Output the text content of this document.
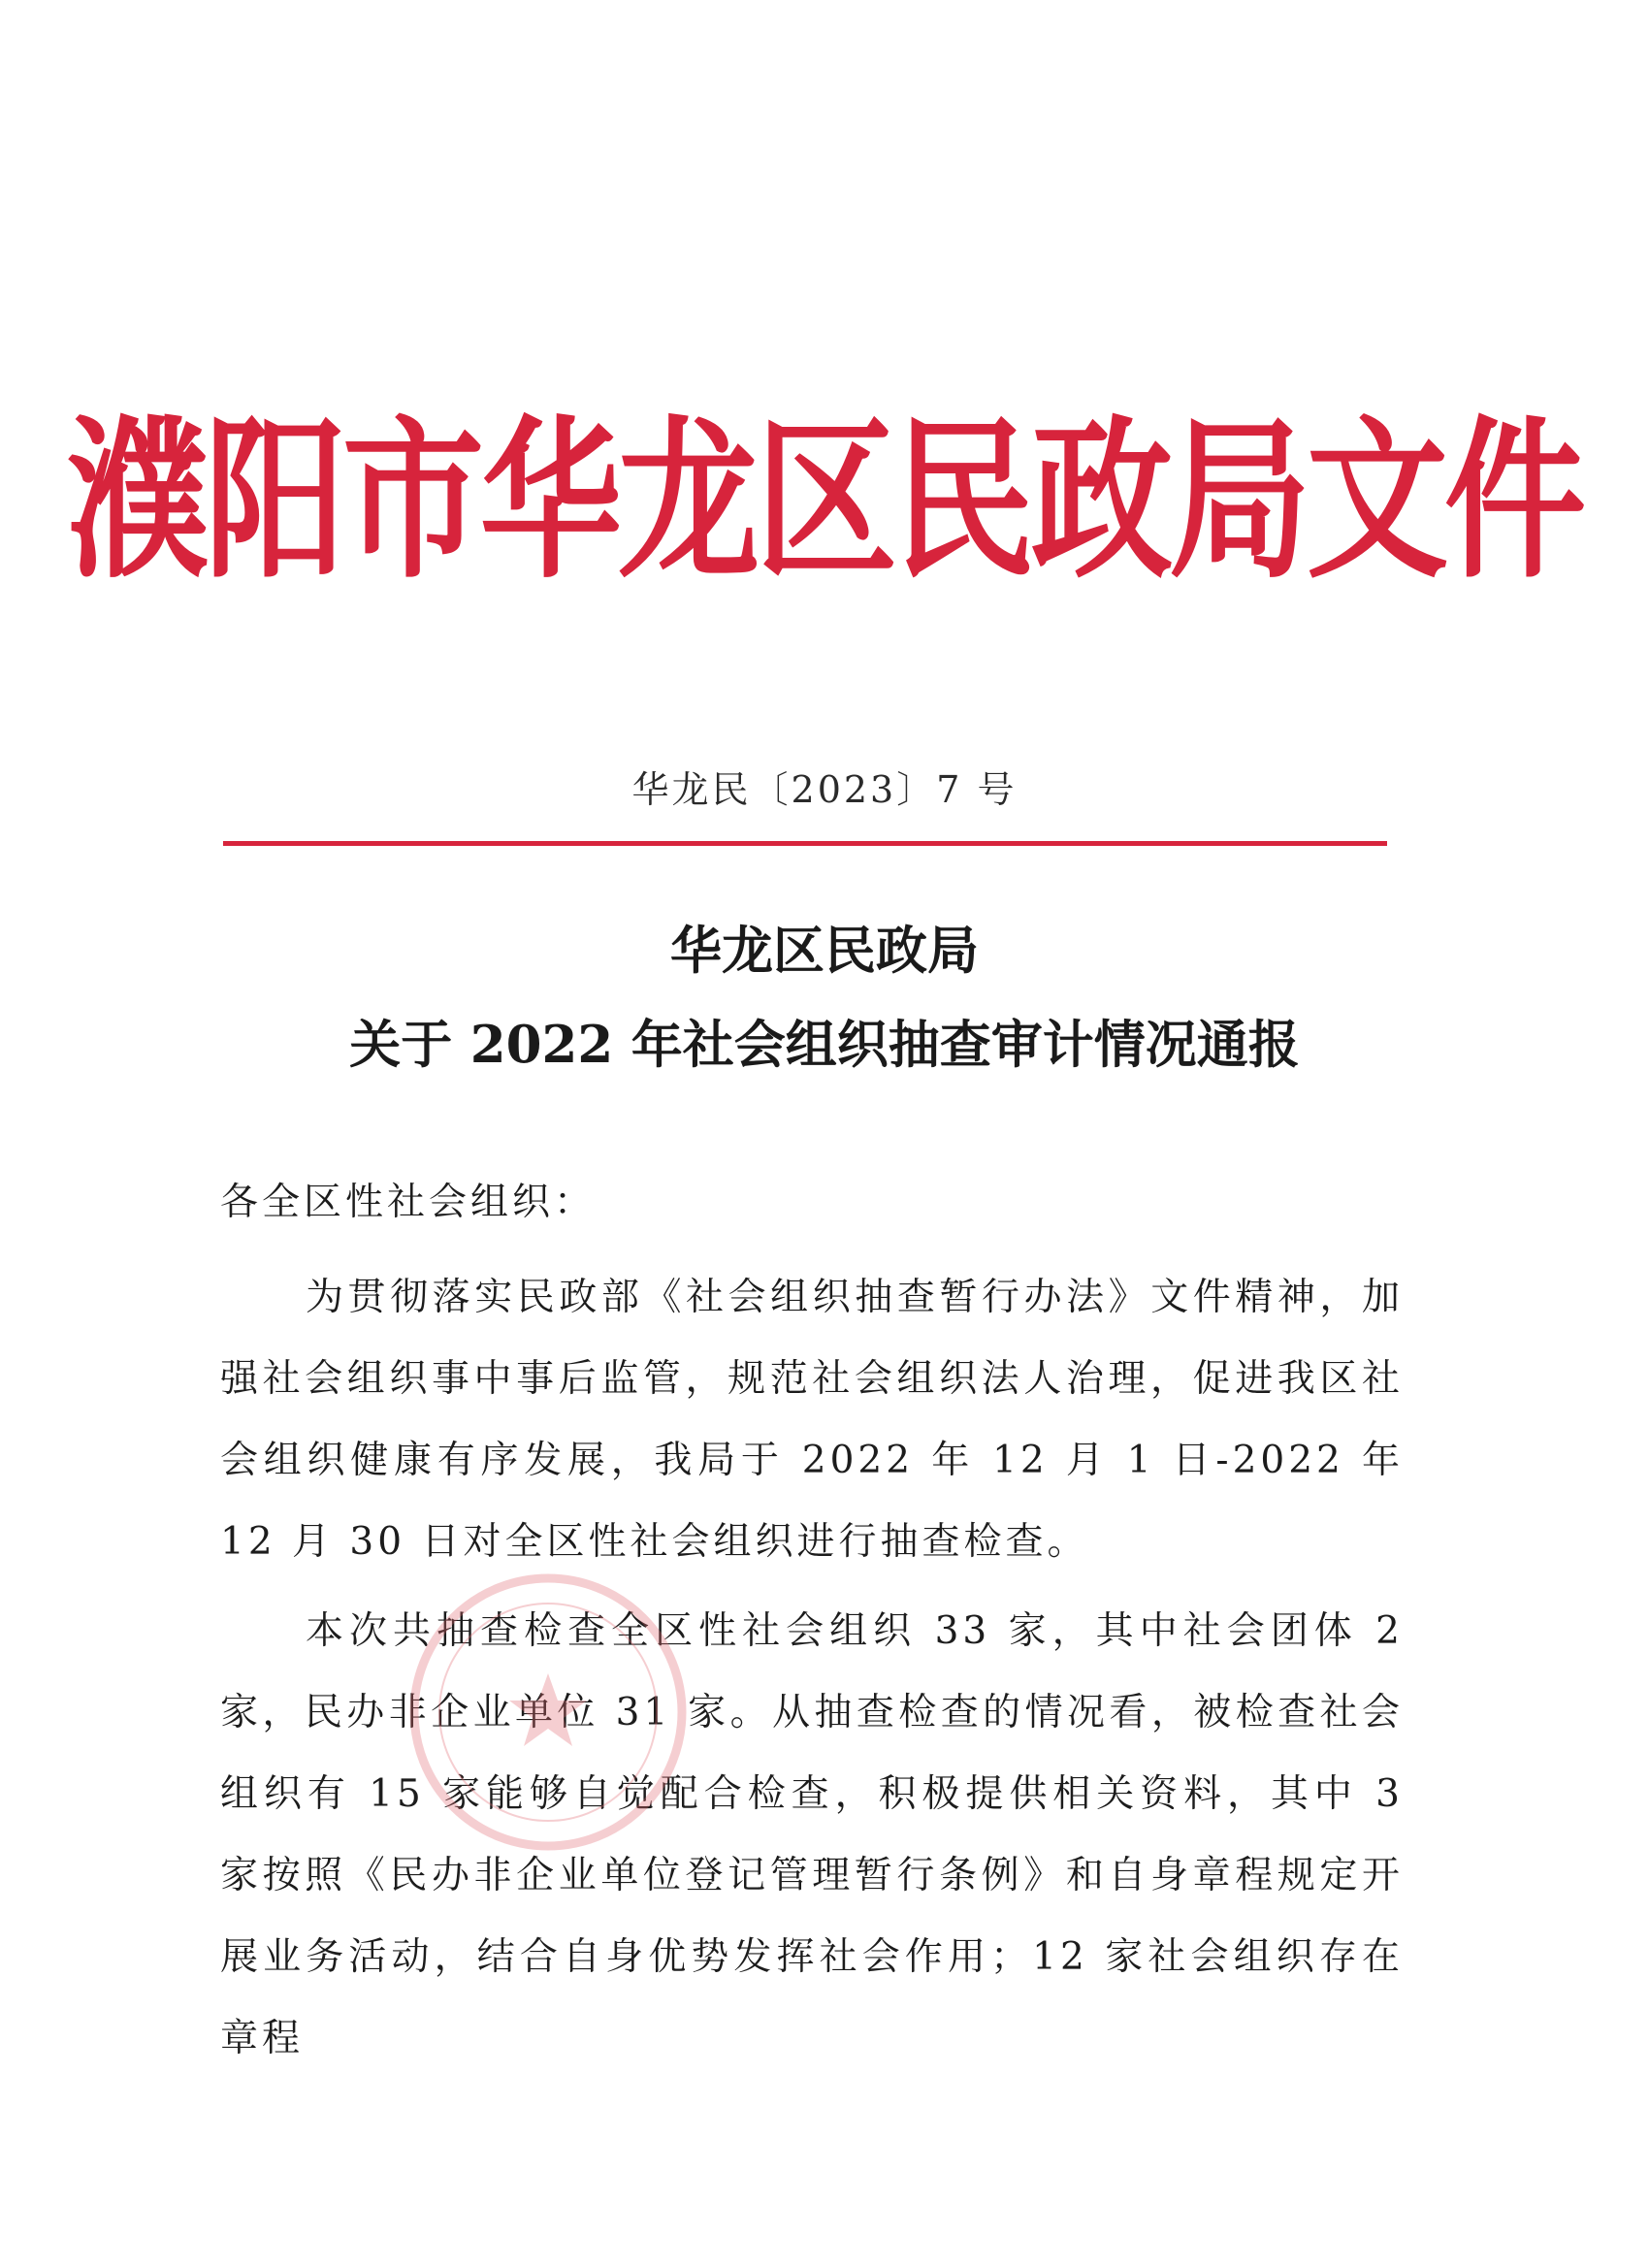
濮阳市华龙区民政局文件
华龙民〔2023〕7 号
华龙区民政局
关于 2022 年社会组织抽查审计情况通报
各全区性社会组织：

为贯彻落实民政部《社会组织抽查暂行办法》文件精神，加强社会组织事中事后监管，规范社会组织法人治理，促进我区社会组织健康有序发展，我局于 2022 年 12 月 1 日-2022 年 12 月 30 日对全区性社会组织进行抽查检查。

本次共抽查检查全区性社会组织 33 家，其中社会团体 2 家，民办非企业单位 31 家。从抽查检查的情况看，被检查社会组织有 15 家能够自觉配合检查，积极提供相关资料，其中 3 家按照《民办非企业单位登记管理暂行条例》和自身章程规定开展业务活动，结合自身优势发挥社会作用；12 家社会组织存在章程
